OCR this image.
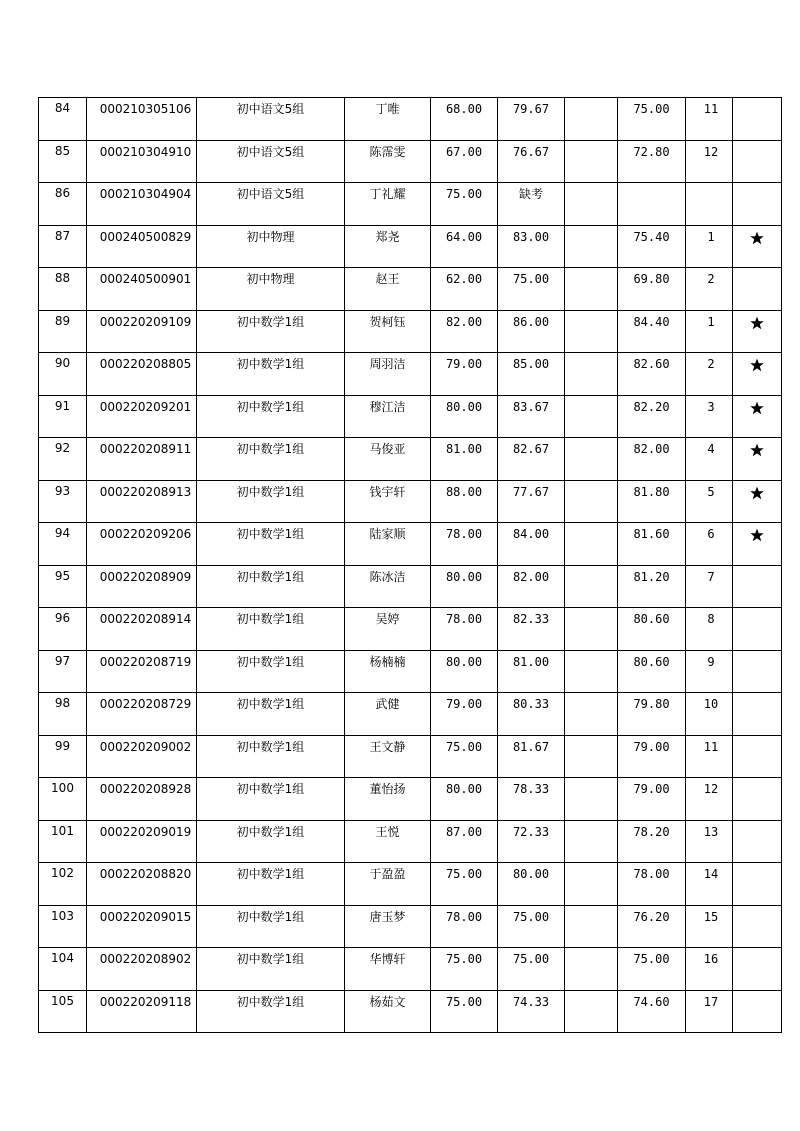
84	000210305106	初中语文5组	丁唯	68.00	79.67		75.00	11	
85	000210304910	初中语文5组	陈霈雯	67.00	76.67		72.80	12	
86	000210304904	初中语文5组	丁礼耀	75.00	缺考				
87	000240500829	初中物理	郑尧	64.00	83.00		75.40	1	
88	000240500901	初中物理	赵王	62.00	75.00		69.80	2	
89	000220209109	初中数学1组	贺柯钰	82.00	86.00		84.40	1	
90	000220208805	初中数学1组	周羽洁	79.00	85.00		82.60	2	
91	000220209201	初中数学1组	穆江洁	80.00	83.67		82.20	3	
92	000220208911	初中数学1组	马俊亚	81.00	82.67		82.00	4	
93	000220208913	初中数学1组	钱宇轩	88.00	77.67		81.80	5	
94	000220209206	初中数学1组	陆家顺	78.00	84.00		81.60	6	
95	000220208909	初中数学1组	陈冰洁	80.00	82.00		81.20	7	
96	000220208914	初中数学1组	吴婷	78.00	82.33		80.60	8	
97	000220208719	初中数学1组	杨楠楠	80.00	81.00		80.60	9	
98	000220208729	初中数学1组	武健	79.00	80.33		79.80	10	
99	000220209002	初中数学1组	王文静	75.00	81.67		79.00	11	
100	000220208928	初中数学1组	董怡扬	80.00	78.33		79.00	12	
101	000220209019	初中数学1组	王悦	87.00	72.33		78.20	13	
102	000220208820	初中数学1组	于盈盈	75.00	80.00		78.00	14	
103	000220209015	初中数学1组	唐玉梦	78.00	75.00		76.20	15	
104	000220208902	初中数学1组	华博轩	75.00	75.00		75.00	16	
105	000220209118	初中数学1组	杨茹文	75.00	74.33		74.60	17	
